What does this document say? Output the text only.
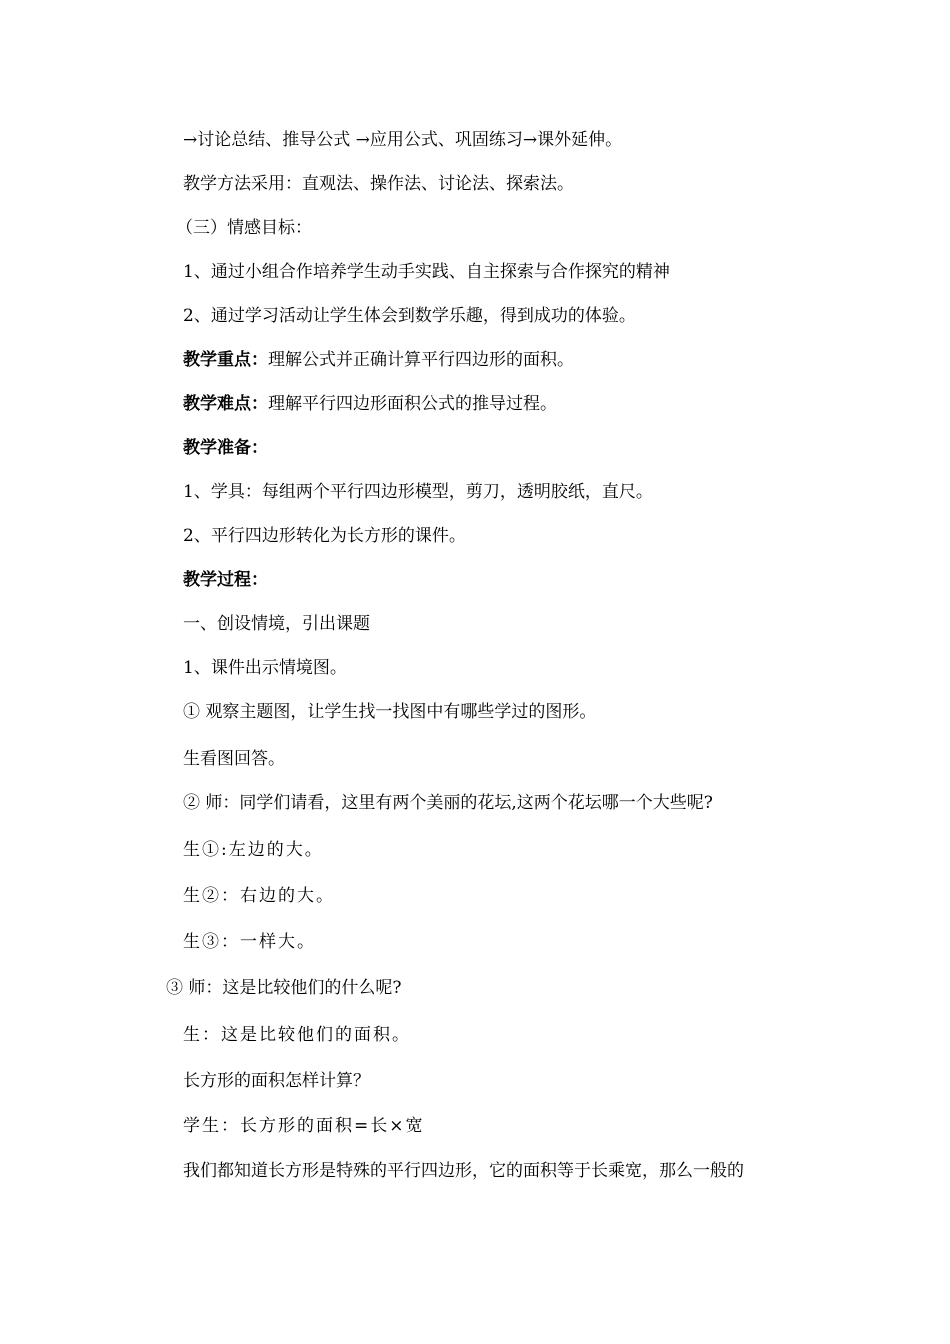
→讨论总结、推导公式 →应用公式、巩固练习→课外延伸。
教学方法采用：直观法、操作法、讨论法、探索法。
（三）情感目标：
1、通过小组合作培养学生动手实践、自主探索与合作探究的精神
2、通过学习活动让学生体会到数学乐趣，得到成功的体验。
教学重点：理解公式并正确计算平行四边形的面积。
教学难点：理解平行四边形面积公式的推导过程。
教学准备：
1、学具：每组两个平行四边形模型，剪刀，透明胶纸，直尺。
2、平行四边形转化为长方形的课件。
教学过程：
一、创设情境，引出课题
1、课件出示情境图。
① 观察主题图，让学生找一找图中有哪些学过的图形。
生看图回答。
② 师：同学们请看，这里有两个美丽的花坛,这两个花坛哪一个大些呢?
生①:左边的大。
生②：右边的大。
生③：一样大。
③ 师：这是比较他们的什么呢?
生：这是比较他们的面积。
长方形的面积怎样计算？
学生：长方形的面积=长×宽
我们都知道长方形是特殊的平行四边形，它的面积等于长乘宽，那么一般的
